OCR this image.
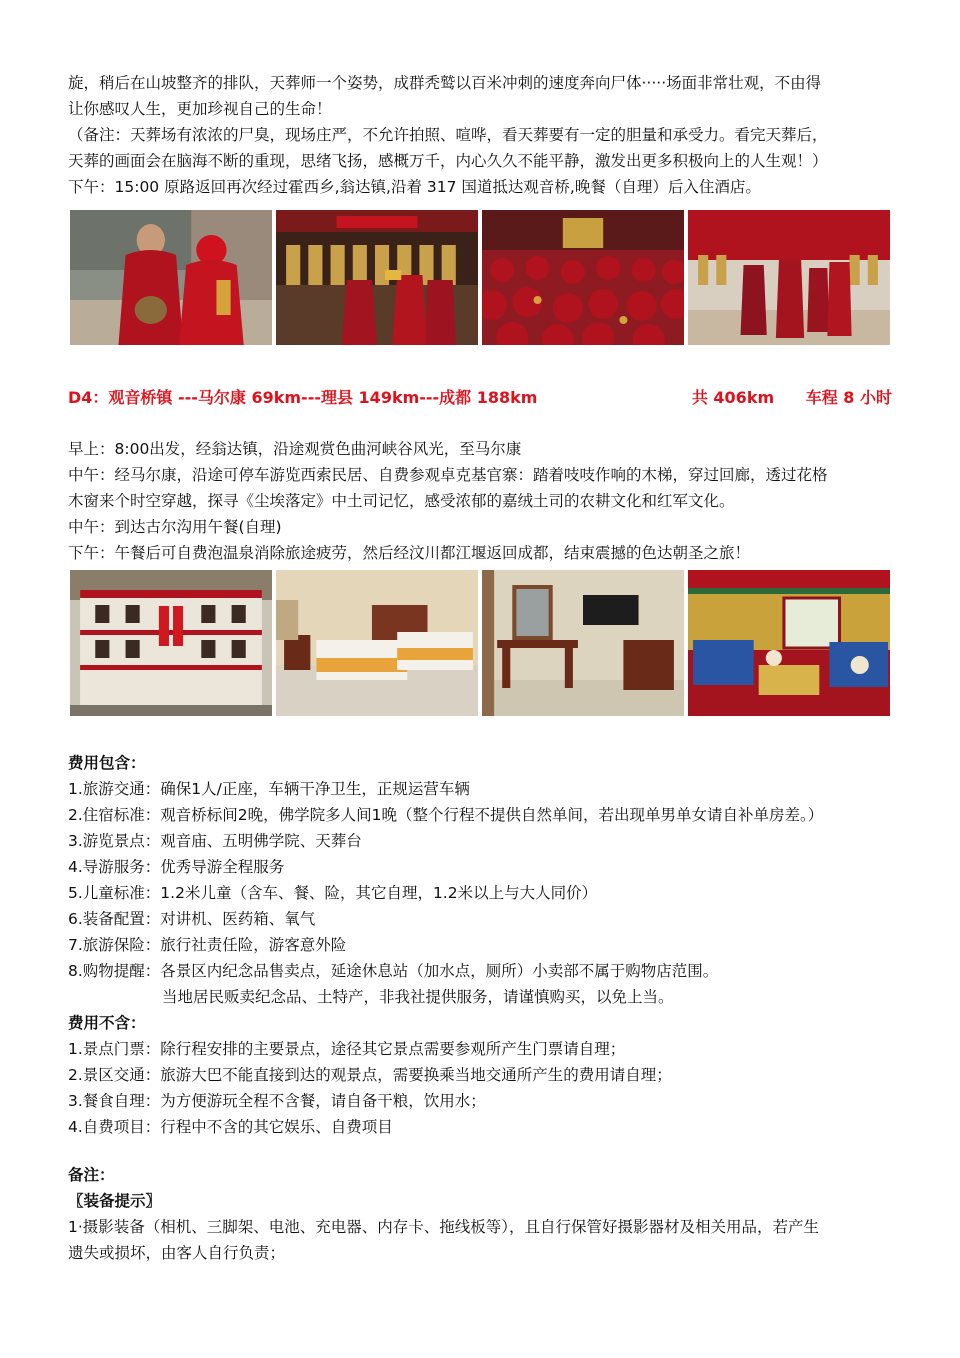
旋，稍后在山坡整齐的排队，天葬师一个姿势，成群秃鹫以百米冲刺的速度奔向尸体·····场面非常壮观，不由得

让你感叹人生，更加珍视自己的生命！

（备注：天葬场有浓浓的尸臭，现场庄严，不允许拍照、喧哗，看天葬要有一定的胆量和承受力。看完天葬后，

天葬的画面会在脑海不断的重现，思绪飞扬，感概万千，内心久久不能平静，激发出更多积极向上的人生观！）

下午：15:00 原路返回再次经过霍西乡,翁达镇,沿着 317 国道抵达观音桥,晚餐（自理）后入住酒店。

D4：观音桥镇 ---马尔康 69km---理县 149km---成都 188km	共 406km 车程 8 小时

早上：8:00出发，经翁达镇，沿途观赏色曲河峡谷风光，至马尔康

中午：经马尔康，沿途可停车游览西索民居、自费参观卓克基官寨：踏着吱吱作响的木梯，穿过回廊，透过花格

木窗来个时空穿越，探寻《尘埃落定》中土司记忆，感受浓郁的嘉绒土司的农耕文化和红军文化。

中午：到达古尔沟用午餐(自理)

下午：午餐后可自费泡温泉消除旅途疲劳，然后经汶川都江堰返回成都，结束震撼的色达朝圣之旅！

费用包含：

1.旅游交通：确保1人/正座，车辆干净卫生，正规运营车辆

2.住宿标准：观音桥标间2晚，佛学院多人间1晚（整个行程不提供自然单间，若出现单男单女请自补单房差。）

3.游览景点：观音庙、五明佛学院、天葬台

4.导游服务：优秀导游全程服务

5.儿童标准：1.2米儿童（含车、餐、险，其它自理，1.2米以上与大人同价）

6.装备配置：对讲机、医药箱、氧气

7.旅游保险：旅行社责任险，游客意外险

8.购物提醒：各景区内纪念品售卖点，延途休息站（加水点，厕所）小卖部不属于购物店范围。

当地居民贩卖纪念品、土特产，非我社提供服务，请谨慎购买，以免上当。

费用不含：

1.景点门票：除行程安排的主要景点，途径其它景点需要参观所产生门票请自理；

2.景区交通：旅游大巴不能直接到达的观景点，需要换乘当地交通所产生的费用请自理；

3.餐食自理：为方便游玩全程不含餐，请自备干粮，饮用水；

4.自费项目：行程中不含的其它娱乐、自费项目

备注：

〖装备提示〗

1·摄影装备（相机、三脚架、电池、充电器、内存卡、拖线板等），且自行保管好摄影器材及相关用品，若产生

遗失或损坏，由客人自行负责；
